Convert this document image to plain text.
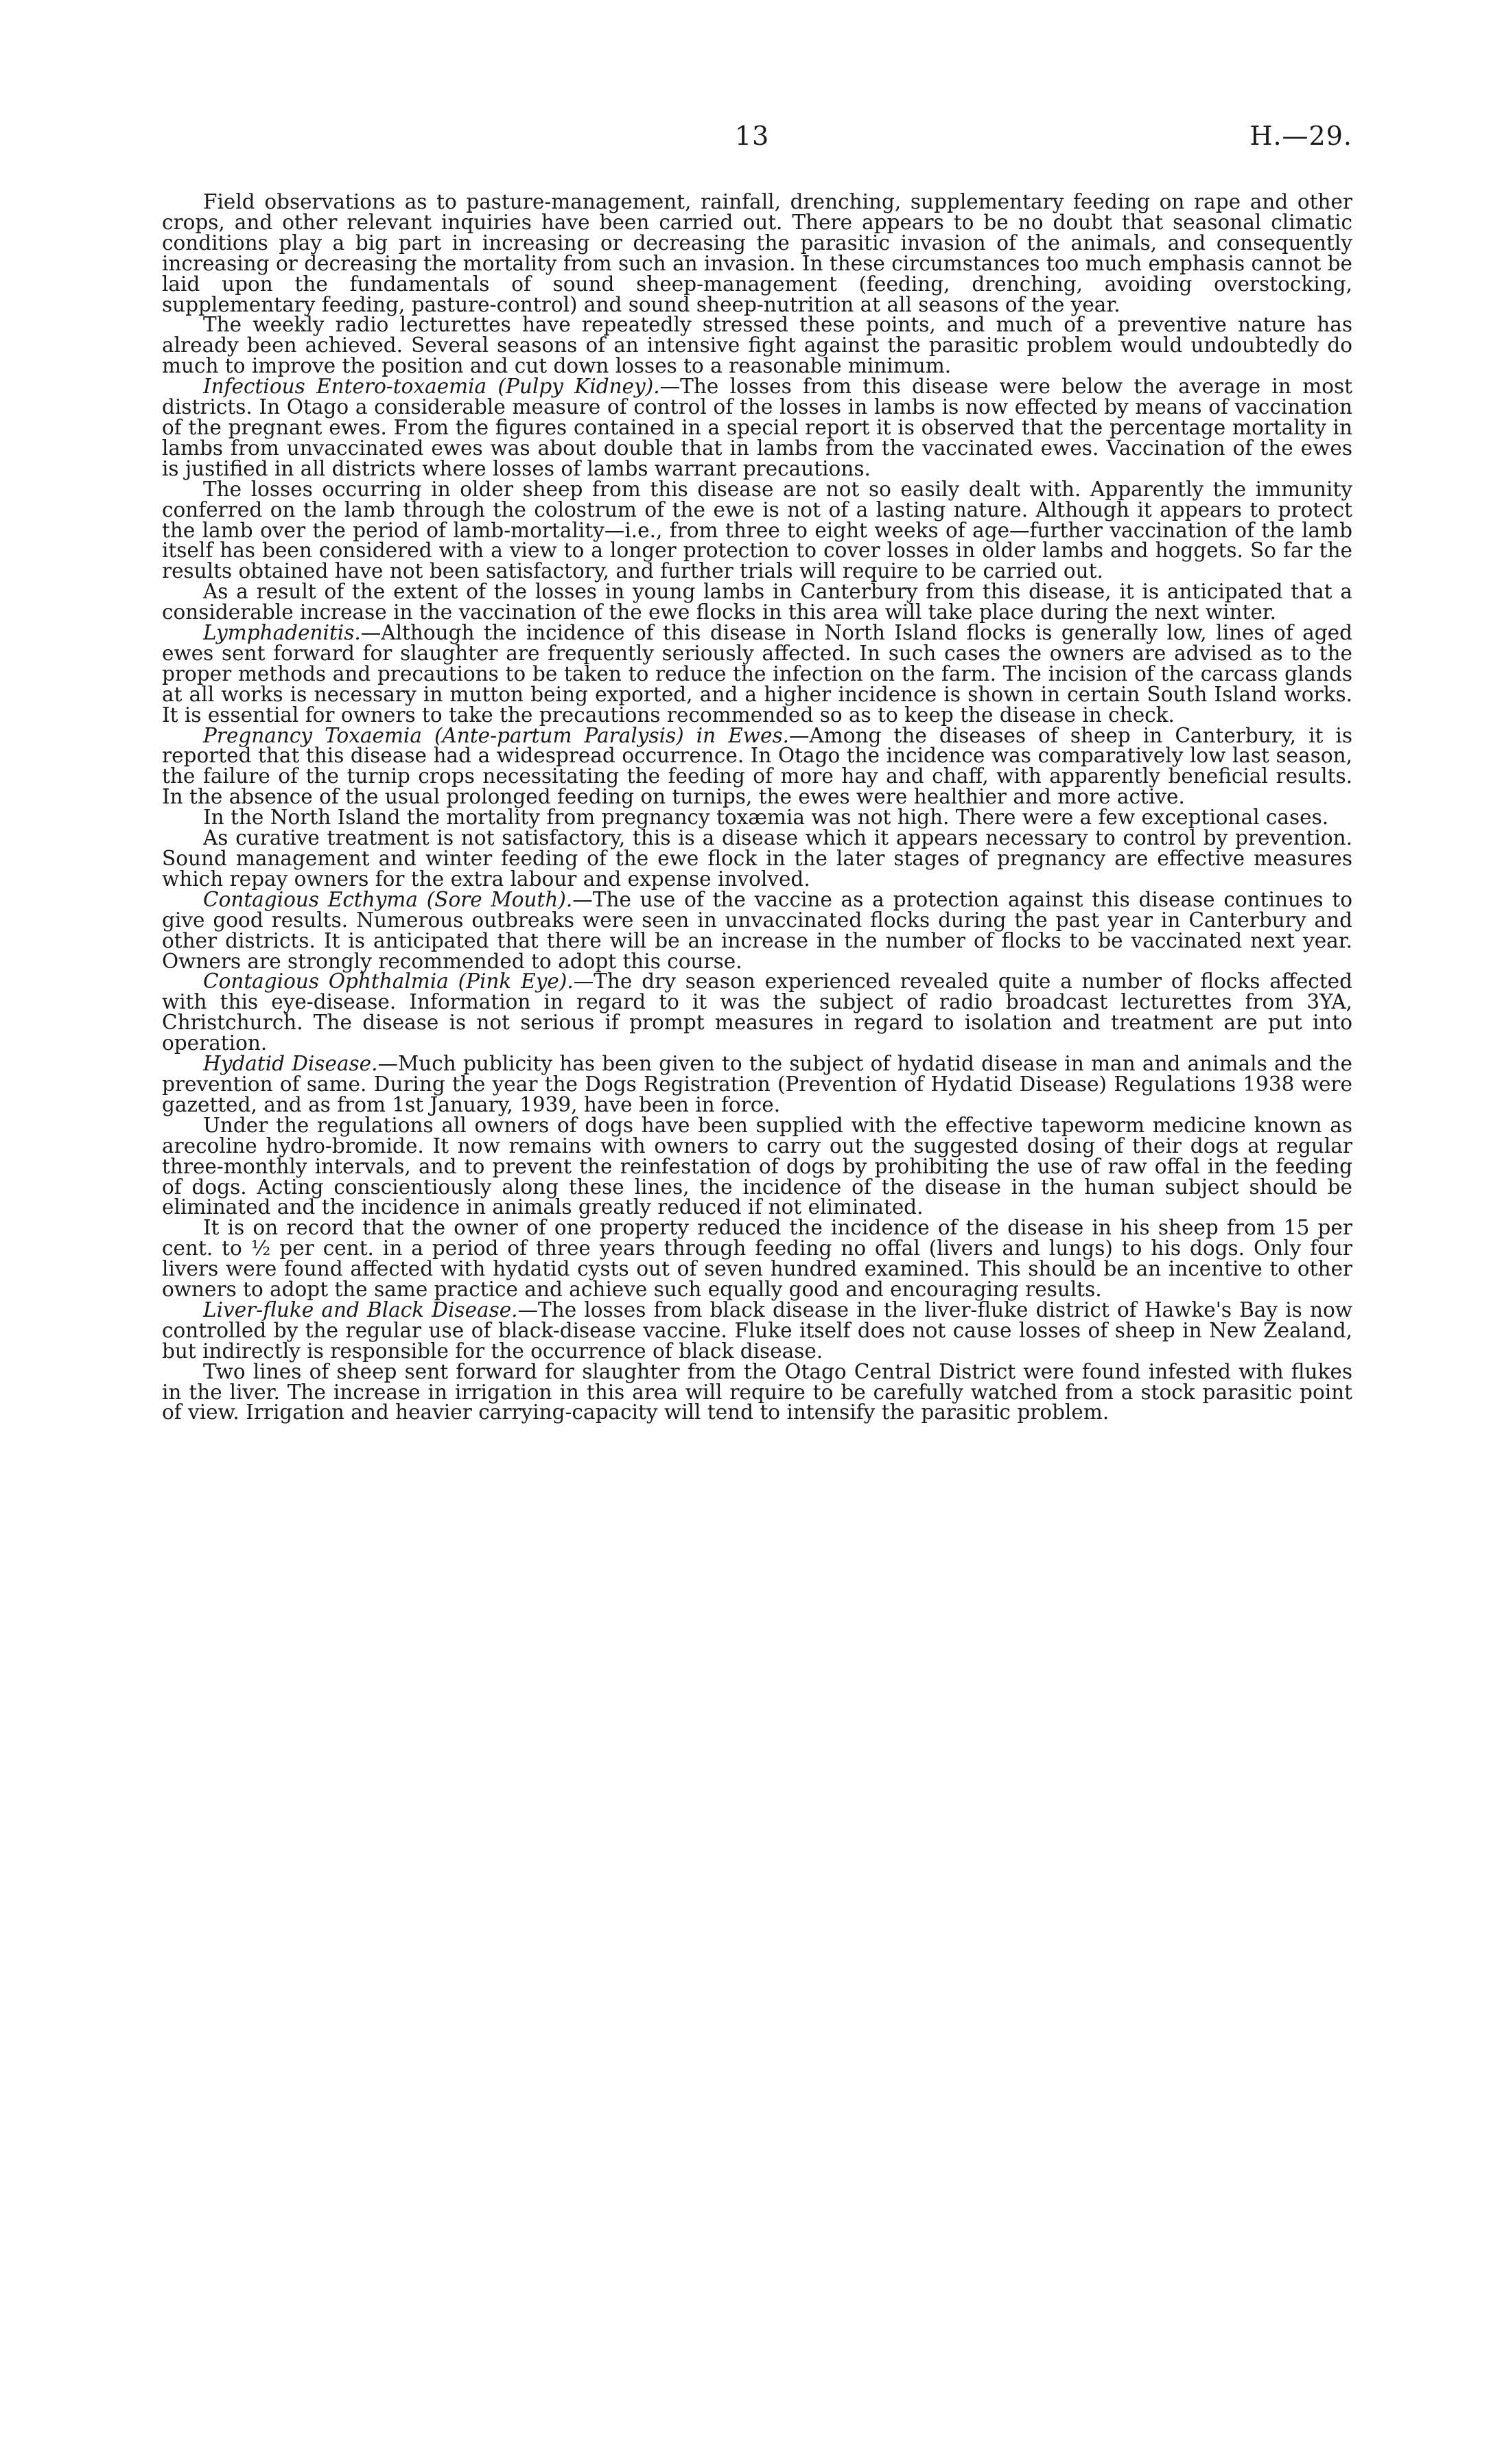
13	H.—29.

Field observations as to pasture-management, rainfall, drenching, supplementary feeding on rape and other crops, and other relevant inquiries have been carried out. There appears to be no doubt that seasonal climatic conditions play a big part in increasing or decreasing the parasitic invasion of the animals, and consequently increasing or decreasing the mortality from such an invasion. In these circumstances too much emphasis cannot be laid upon the fundamentals of sound sheep-management (feeding, drenching, avoiding overstocking, supplementary feeding, pasture-control) and sound sheep-nutrition at all seasons of the year.

The weekly radio lecturettes have repeatedly stressed these points, and much of a preventive nature has already been achieved. Several seasons of an intensive fight against the parasitic problem would undoubtedly do much to improve the position and cut down losses to a reasonable minimum.

Infectious Entero-toxaemia (Pulpy Kidney).—The losses from this disease were below the average in most districts. In Otago a considerable measure of control of the losses in lambs is now effected by means of vaccination of the pregnant ewes. From the figures contained in a special report it is observed that the percentage mortality in lambs from unvaccinated ewes was about double that in lambs from the vaccinated ewes. Vaccination of the ewes is justified in all districts where losses of lambs warrant precautions.

The losses occurring in older sheep from this disease are not so easily dealt with. Apparently the immunity conferred on the lamb through the colostrum of the ewe is not of a lasting nature. Although it appears to protect the lamb over the period of lamb-mortality—i.e., from three to eight weeks of age—further vaccination of the lamb itself has been considered with a view to a longer protection to cover losses in older lambs and hoggets. So far the results obtained have not been satisfactory, and further trials will require to be carried out.

As a result of the extent of the losses in young lambs in Canterbury from this disease, it is anticipated that a considerable increase in the vaccination of the ewe flocks in this area will take place during the next winter.

Lymphadenitis.—Although the incidence of this disease in North Island flocks is generally low, lines of aged ewes sent forward for slaughter are frequently seriously affected. In such cases the owners are advised as to the proper methods and precautions to be taken to reduce the infection on the farm. The incision of the carcass glands at all works is necessary in mutton being exported, and a higher incidence is shown in certain South Island works. It is essential for owners to take the precautions recommended so as to keep the disease in check.

Pregnancy Toxaemia (Ante-partum Paralysis) in Ewes.—Among the diseases of sheep in Canterbury, it is reported that this disease had a widespread occurrence. In Otago the incidence was comparatively low last season, the failure of the turnip crops necessitating the feeding of more hay and chaff, with apparently beneficial results. In the absence of the usual prolonged feeding on turnips, the ewes were healthier and more active.

In the North Island the mortality from pregnancy toxæmia was not high. There were a few exceptional cases.

As curative treatment is not satisfactory, this is a disease which it appears necessary to control by prevention. Sound management and winter feeding of the ewe flock in the later stages of pregnancy are effective measures which repay owners for the extra labour and expense involved.

Contagious Ecthyma (Sore Mouth).—The use of the vaccine as a protection against this disease continues to give good results. Numerous outbreaks were seen in unvaccinated flocks during the past year in Canterbury and other districts. It is anticipated that there will be an increase in the number of flocks to be vaccinated next year. Owners are strongly recommended to adopt this course.

Contagious Ophthalmia (Pink Eye).—The dry season experienced revealed quite a number of flocks affected with this eye-disease. Information in regard to it was the subject of radio broadcast lecturettes from 3YA, Christchurch. The disease is not serious if prompt measures in regard to isolation and treatment are put into operation.

Hydatid Disease.—Much publicity has been given to the subject of hydatid disease in man and animals and the prevention of same. During the year the Dogs Registration (Prevention of Hydatid Disease) Regulations 1938 were gazetted, and as from 1st January, 1939, have been in force.

Under the regulations all owners of dogs have been supplied with the effective tapeworm medicine known as arecoline hydro-bromide. It now remains with owners to carry out the suggested dosing of their dogs at regular three-monthly intervals, and to prevent the reinfestation of dogs by prohibiting the use of raw offal in the feeding of dogs. Acting conscientiously along these lines, the incidence of the disease in the human subject should be eliminated and the incidence in animals greatly reduced if not eliminated.

It is on record that the owner of one property reduced the incidence of the disease in his sheep from 15 per cent. to ½ per cent. in a period of three years through feeding no offal (livers and lungs) to his dogs. Only four livers were found affected with hydatid cysts out of seven hundred examined. This should be an incentive to other owners to adopt the same practice and achieve such equally good and encouraging results.

Liver-fluke and Black Disease.—The losses from black disease in the liver-fluke district of Hawke's Bay is now controlled by the regular use of black-disease vaccine. Fluke itself does not cause losses of sheep in New Zealand, but indirectly is responsible for the occurrence of black disease.

Two lines of sheep sent forward for slaughter from the Otago Central District were found infested with flukes in the liver. The increase in irrigation in this area will require to be carefully watched from a stock parasitic point of view. Irrigation and heavier carrying-capacity will tend to intensify the parasitic problem.
